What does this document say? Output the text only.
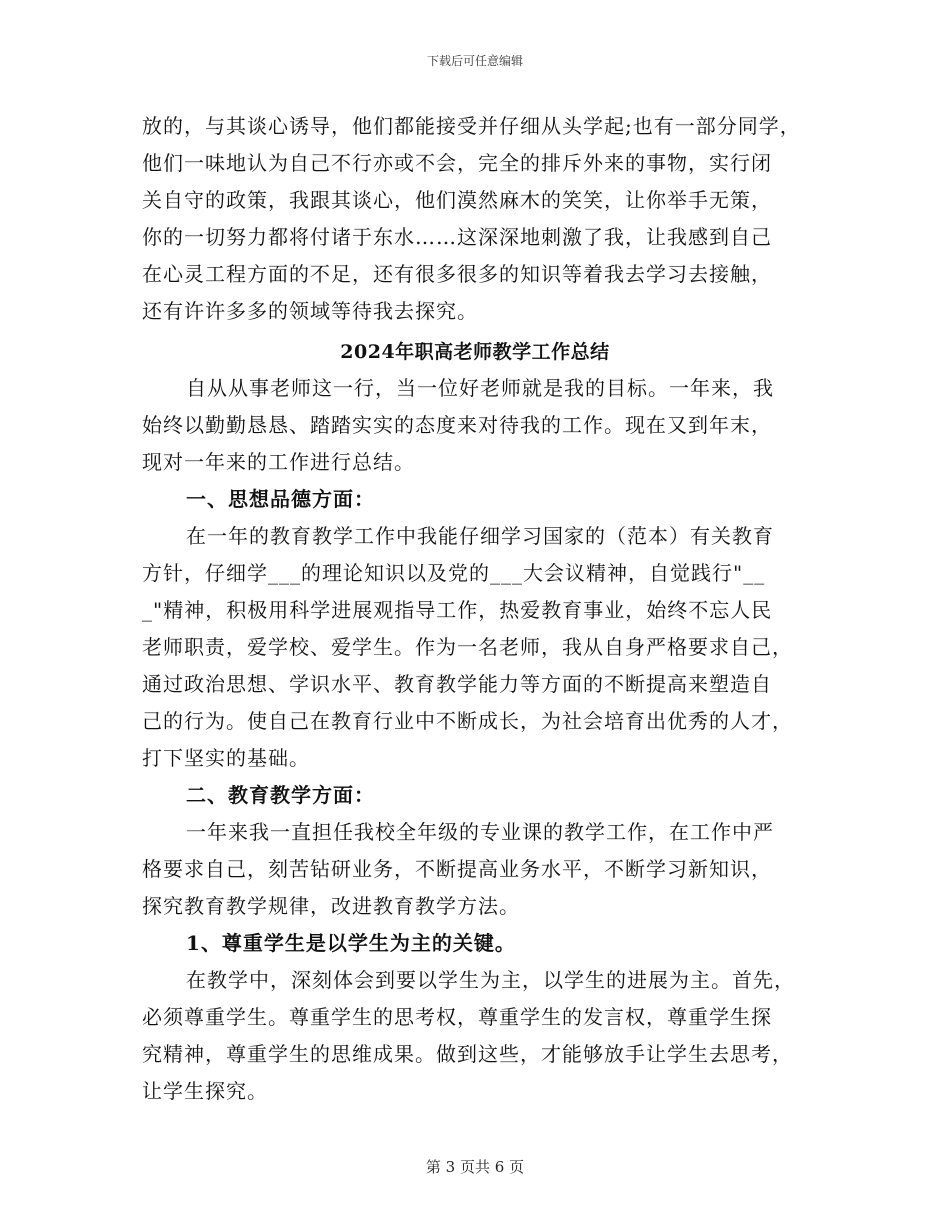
下载后可任意编辑
放的，与其谈心诱导，他们都能接受并仔细从头学起;也有一部分同学，
他们一味地认为自己不行亦或不会，完全的排斥外来的事物，实行闭
关自守的政策，我跟其谈心，他们漠然麻木的笑笑，让你举手无策，
你的一切努力都将付诸于东水……这深深地刺激了我，让我感到自己
在心灵工程方面的不足，还有很多很多的知识等着我去学习去接触，
还有许许多多的领域等待我去探究。
2024年职高老师教学工作总结
自从从事老师这一行，当一位好老师就是我的目标。一年来，我
始终以勤勤恳恳、踏踏实实的态度来对待我的工作。现在又到年末，
现对一年来的工作进行总结。
一、思想品德方面：
在一年的教育教学工作中我能仔细学习国家的（范本）有关教育
方针，仔细学___的理论知识以及党的___大会议精神，自觉践行"__
_"精神，积极用科学进展观指导工作，热爱教育事业，始终不忘人民
老师职责，爱学校、爱学生。作为一名老师，我从自身严格要求自己，
通过政治思想、学识水平、教育教学能力等方面的不断提高来塑造自
己的行为。使自己在教育行业中不断成长，为社会培育出优秀的人才，
打下坚实的基础。
二、教育教学方面：
一年来我一直担任我校全年级的专业课的教学工作，在工作中严
格要求自己，刻苦钻研业务，不断提高业务水平，不断学习新知识，
探究教育教学规律，改进教育教学方法。
1、尊重学生是以学生为主的关键。
在教学中，深刻体会到要以学生为主，以学生的进展为主。首先，
必须尊重学生。尊重学生的思考权，尊重学生的发言权，尊重学生探
究精神，尊重学生的思维成果。做到这些，才能够放手让学生去思考，
让学生探究。
第 3 页共 6 页
